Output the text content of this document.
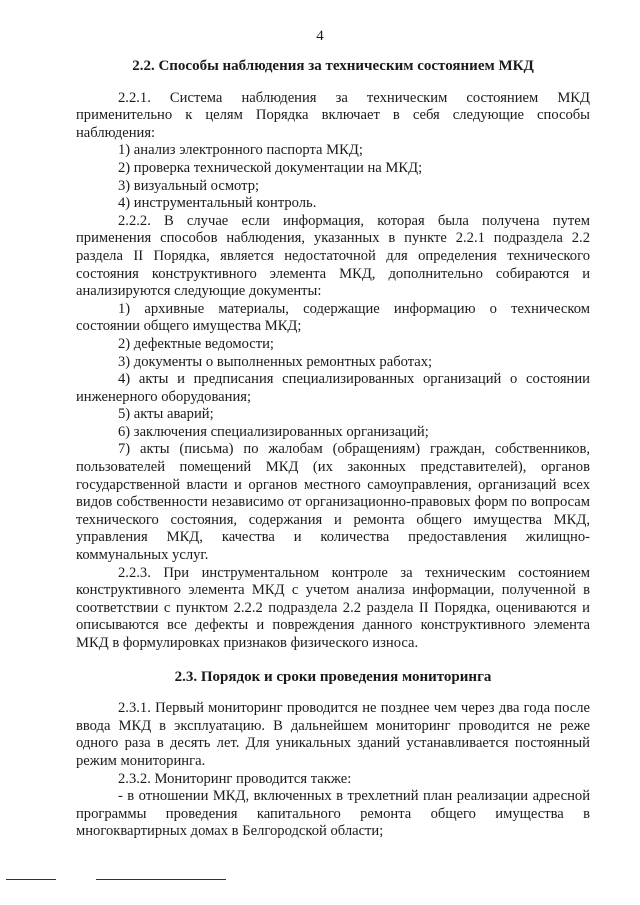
4
2.2. Способы наблюдения за техническим состоянием МКД

2.2.1. Система наблюдения за техническим состоянием МКД применительно к целям Порядка включает в себя следующие способы наблюдения:

1) анализ электронного паспорта МКД;

2) проверка технической документации на МКД;

3) визуальный осмотр;

4) инструментальный контроль.

2.2.2. В случае если информация, которая была получена путем применения способов наблюдения, указанных в пункте 2.2.1 подраздела 2.2 раздела II Порядка, является недостаточной для определения технического состояния конструктивного элемента МКД, дополнительно собираются и анализируются следующие документы:

1) архивные материалы, содержащие информацию о техническом состоянии общего имущества МКД;

2) дефектные ведомости;

3) документы о выполненных ремонтных работах;

4) акты и предписания специализированных организаций о состоянии инженерного оборудования;

5) акты аварий;

6) заключения специализированных организаций;

7) акты (письма) по жалобам (обращениям) граждан, собственников, пользователей помещений МКД (их законных представителей), органов государственной власти и органов местного самоуправления, организаций всех видов собственности независимо от организационно-правовых форм по вопросам технического состояния, содержания и ремонта общего имущества МКД, управления МКД, качества и количества предоставления жилищно-коммунальных услуг.

2.2.3. При инструментальном контроле за техническим состоянием конструктивного элемента МКД с учетом анализа информации, полученной в соответствии с пунктом 2.2.2 подраздела 2.2 раздела II Порядка, оцениваются и описываются все дефекты и повреждения данного конструктивного элемента МКД в формулировках признаков физического износа.

2.3. Порядок и сроки проведения мониторинга

2.3.1. Первый мониторинг проводится не позднее чем через два года после ввода МКД в эксплуатацию. В дальнейшем мониторинг проводится не реже одного раза в десять лет. Для уникальных зданий устанавливается постоянный режим мониторинга.

2.3.2. Мониторинг проводится также:

- в отношении МКД, включенных в трехлетний план реализации адресной программы проведения капитального ремонта общего имущества в многоквартирных домах в Белгородской области;
